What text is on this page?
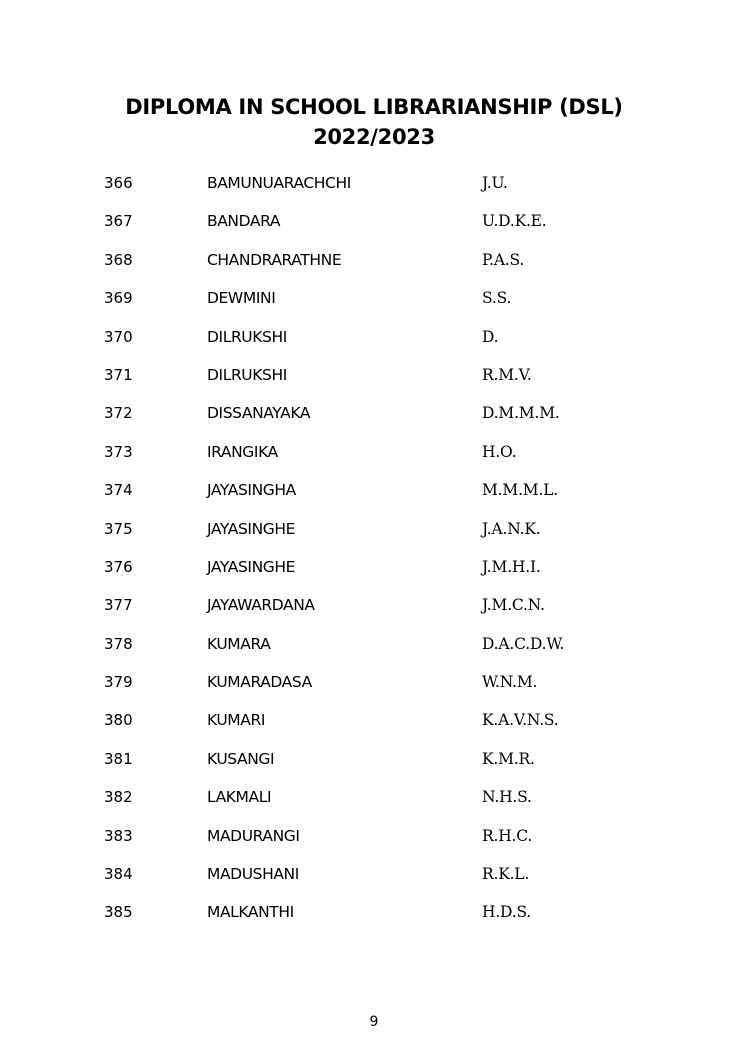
DIPLOMA IN SCHOOL LIBRARIANSHIP (DSL)
2022/2023
366	BAMUNUARACHCHI	J.U.
367	BANDARA	U.D.K.E.
368	CHANDRARATHNE	P.A.S.
369	DEWMINI	S.S.
370	DILRUKSHI	D.
371	DILRUKSHI	R.M.V.
372	DISSANAYAKA	D.M.M.M.
373	IRANGIKA	H.O.
374	JAYASINGHA	M.M.M.L.
375	JAYASINGHE	J.A.N.K.
376	JAYASINGHE	J.M.H.I.
377	JAYAWARDANA	J.M.C.N.
378	KUMARA	D.A.C.D.W.
379	KUMARADASA	W.N.M.
380	KUMARI	K.A.V.N.S.
381	KUSANGI	K.M.R.
382	LAKMALI	N.H.S.
383	MADURANGI	R.H.C.
384	MADUSHANI	R.K.L.
385	MALKANTHI	H.D.S.
9
